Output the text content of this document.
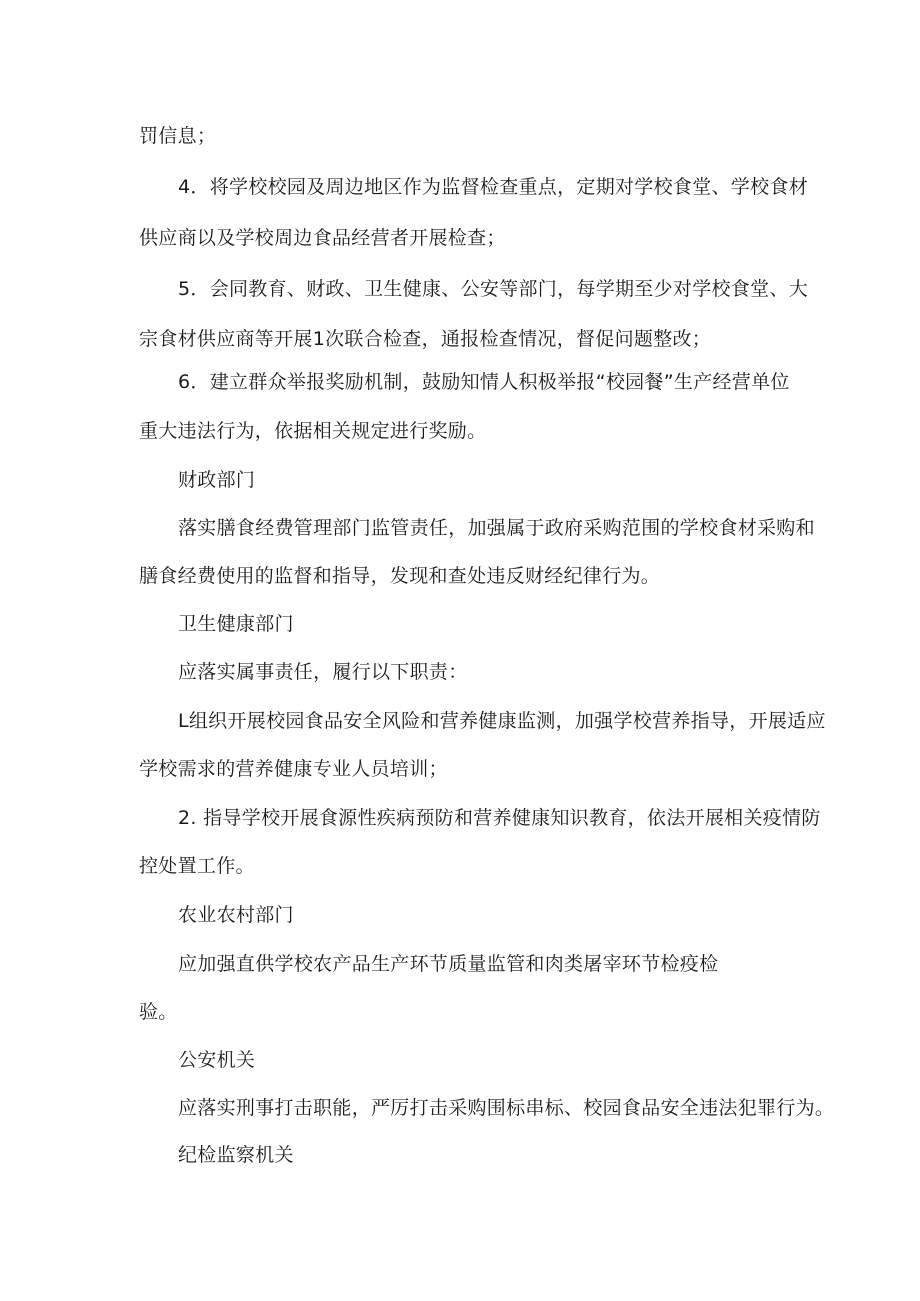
罚信息；
4．将学校校园及周边地区作为监督检查重点，定期对学校食堂、学校食材
供应商以及学校周边食品经营者开展检查；
5．会同教育、财政、卫生健康、公安等部门，每学期至少对学校食堂、大
宗食材供应商等开展1次联合检查，通报检查情况，督促问题整改；
6．建立群众举报奖励机制，鼓励知情人积极举报“校园餐”生产经营单位
重大违法行为，依据相关规定进行奖励。
财政部门
落实膳食经费管理部门监管责任，加强属于政府采购范围的学校食材采购和
膳食经费使用的监督和指导，发现和查处违反财经纪律行为。
卫生健康部门
应落实属事责任，履行以下职责：
L组织开展校园食品安全风险和营养健康监测，加强学校营养指导，开展适应
学校需求的营养健康专业人员培训；
2. 指导学校开展食源性疾病预防和营养健康知识教育，依法开展相关疫情防
控处置工作。
农业农村部门
应加强直供学校农产品生产环节质量监管和肉类屠宰环节检疫检
验。
公安机关
应落实刑事打击职能，严厉打击采购围标串标、校园食品安全违法犯罪行为。
纪检监察机关
